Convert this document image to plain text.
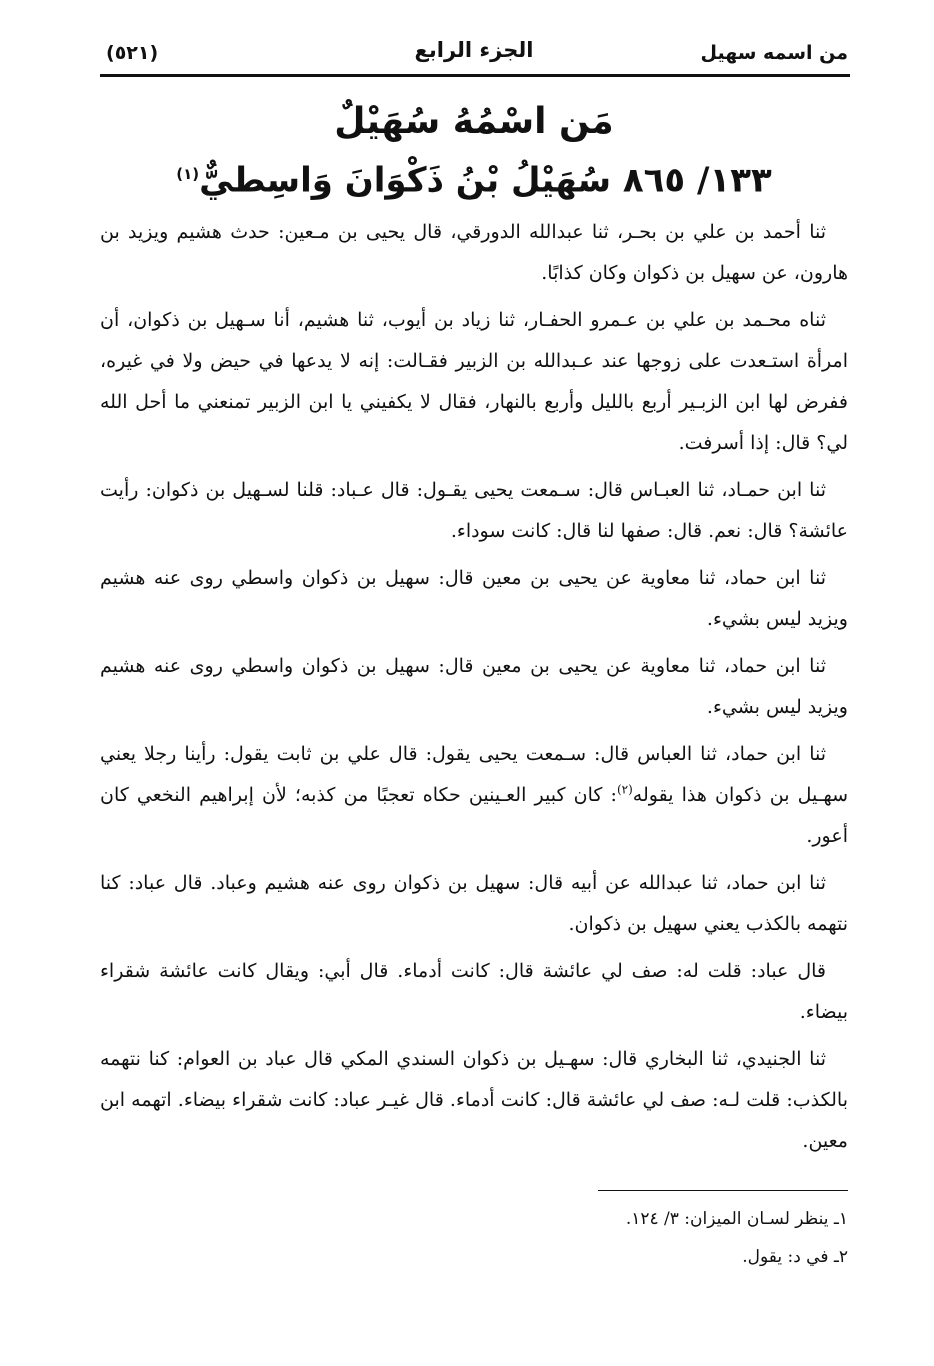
من اسمه سهيل
الجزء الرابع
(٥٢١)
مَن اسْمُهُ سُهَيْلٌ
١٣٣/ ٨٦٥ سُهَيْلُ بْنُ ذَكْوَانَ وَاسِطيٌّ$^{(١)}$

ثنا أحمد بن علي بن بحـر، ثنا عبدالله الدورقي، قال يحيى بن مـعين: حدث هشيم ويزيد بن هارون، عن سهيل بن ذكوان وكان كذابًا.

ثناه محـمد بن علي بن عـمرو الحفـار، ثنا زياد بن أيوب، ثنا هشيم، أنا سـهيل بن ذكوان، أن امرأة استـعدت على زوجها عند عـبدالله بن الزبير فقـالت: إنه لا يدعها في حيض ولا في غيره، ففرض لها ابن الزبـير أربع بالليل وأربع بالنهار، فقال لا يكفيني يا ابن الزبير تمنعني ما أحل الله لي؟ قال: إذا أسرفت.

ثنا ابن حمـاد، ثنا العبـاس قال: سـمعت يحيى يقـول: قال عـباد: قلنا لسـهيل بن ذكوان: رأيت عائشة؟ قال: نعم. قال: صفها لنا قال: كانت سوداء.

ثنا ابن حماد، ثنا معاوية عن يحيى بن معين قال: سهيل بن ذكوان واسطي روى عنه هشيم ويزيد ليس بشيء.

ثنا ابن حماد، ثنا معاوية عن يحيى بن معين قال: سهيل بن ذكوان واسطي روى عنه هشيم ويزيد ليس بشيء.

ثنا ابن حماد، ثنا العباس قال: سـمعت يحيى يقول: قال علي بن ثابت يقول: رأينا رجلا يعني سهـيل بن ذكوان هذا يقوله$^{(٢)}$: كان كبير العـينين حكاه تعجبًا من كذبه؛ لأن إبراهيم النخعي كان أعور.

ثنا ابن حماد، ثنا عبدالله عن أبيه قال: سهيل بن ذكوان روى عنه هشيم وعباد. قال عباد: كنا نتهمه بالكذب يعني سهيل بن ذكوان.

قال عباد: قلت له: صف لي عائشة قال: كانت أدماء. قال أبي: ويقال كانت عائشة شقراء بيضاء.

ثنا الجنيدي، ثنا البخاري قال: سهـيل بن ذكوان السندي المكي قال عباد بن العوام: كنا نتهمه بالكذب: قلت لـه: صف لي عائشة قال: كانت أدماء. قال غيـر عباد: كانت شقراء بيضاء. اتهمه ابن معين.

١ـ ينظر لسـان الميزان: ٣/ ١٢٤.
٢ـ في د: يقول.
